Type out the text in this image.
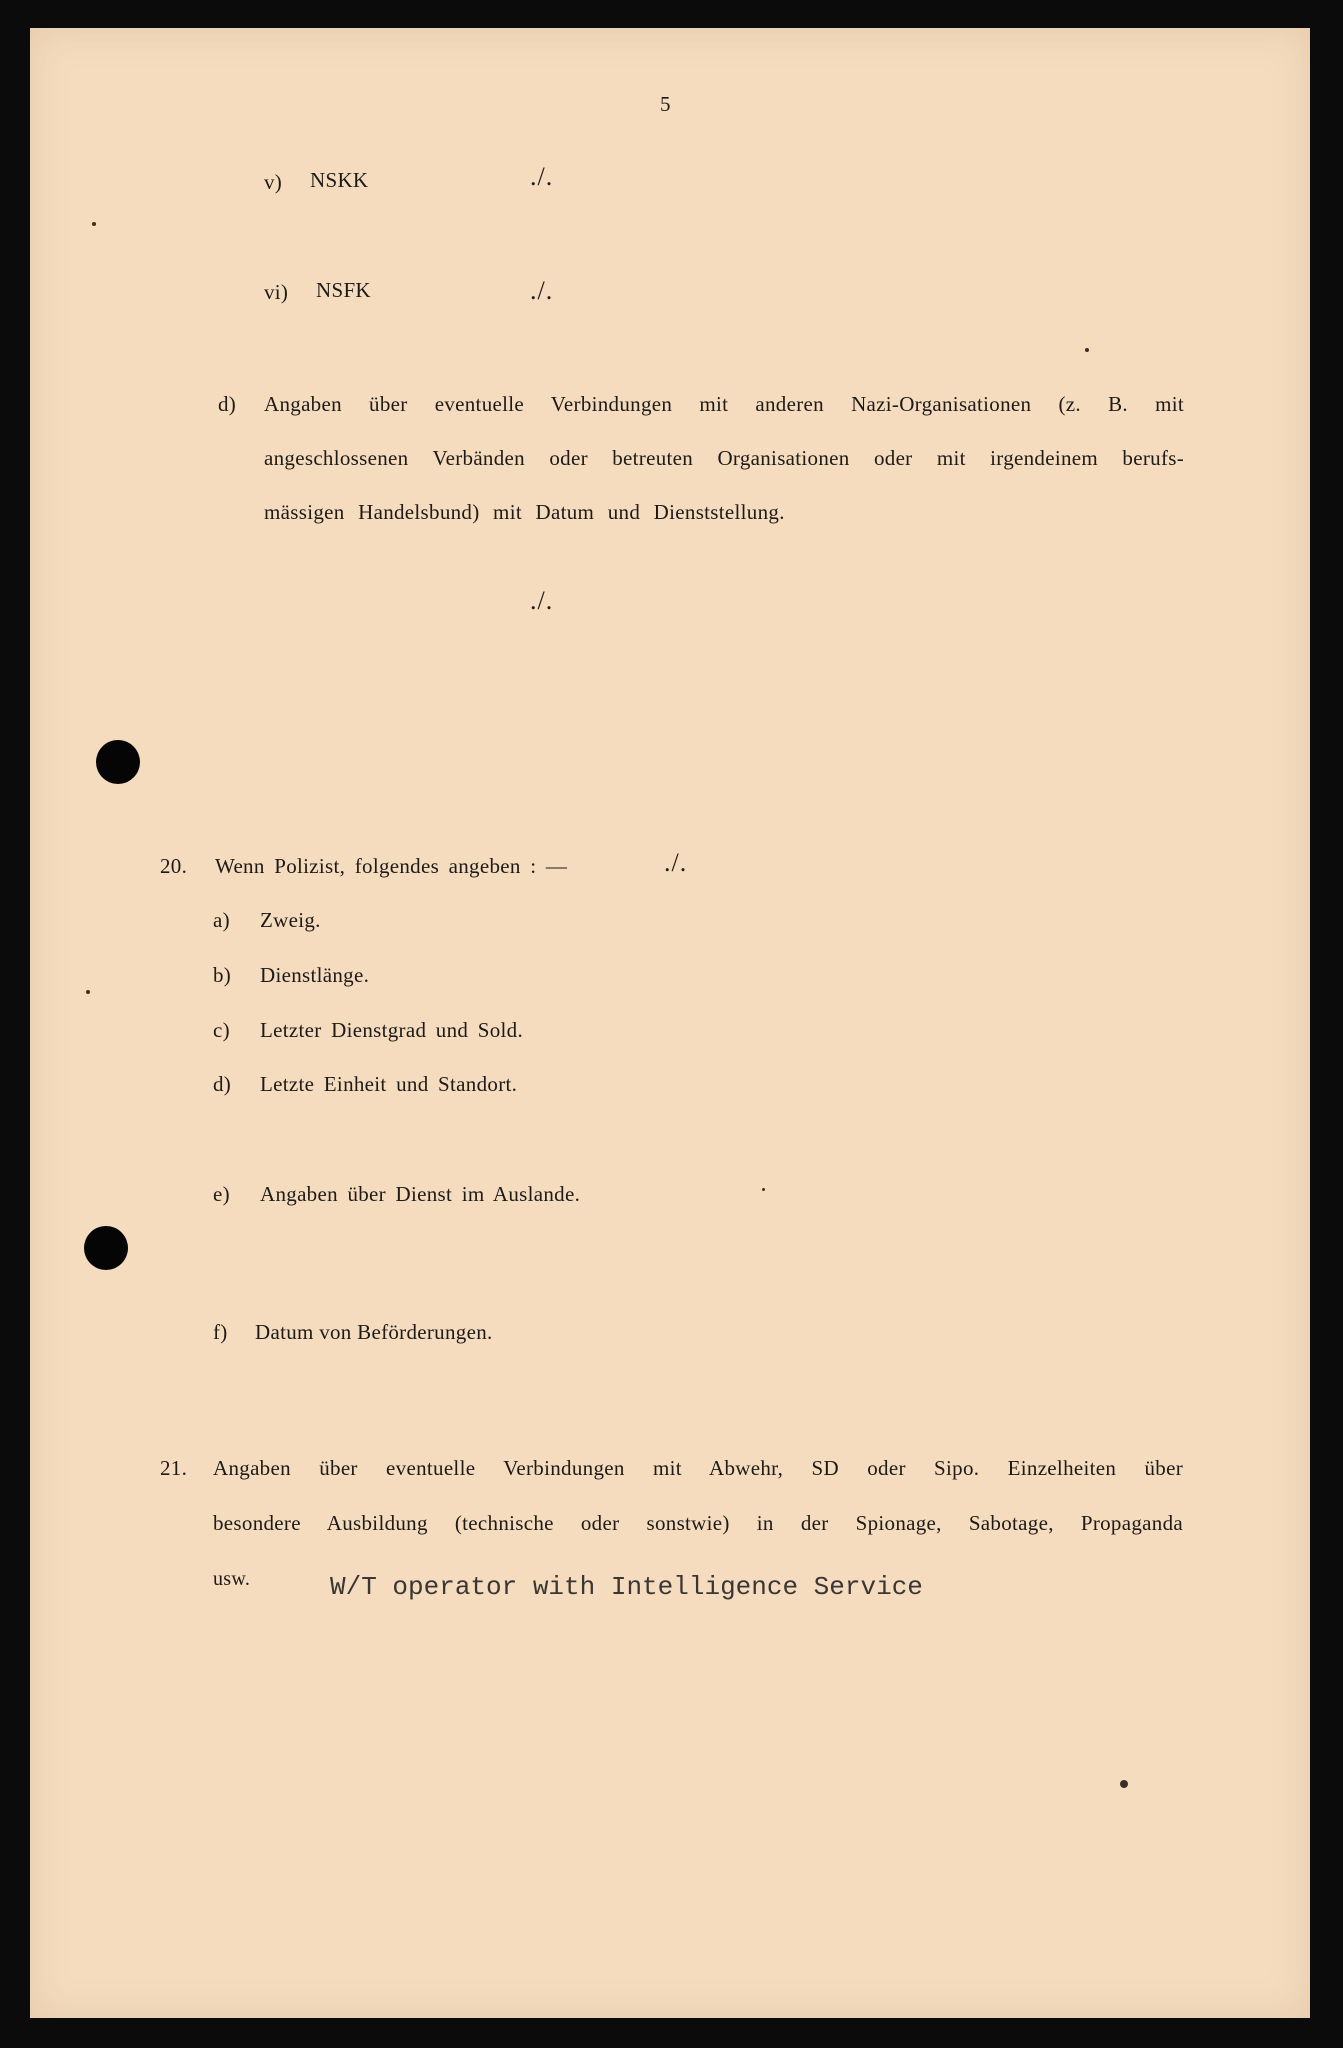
5
v) NSKK	./.
vi) NSFK	./.
d) Angaben über eventuelle Verbindungen mit anderen Nazi-Organisationen (z. B. mit
angeschlossenen Verbänden oder betreuten Organisationen oder mit irgendeinem berufs-
mässigen Handelsbund) mit Datum und Dienststellung.
./.
20. Wenn Polizist, folgendes angeben : —	./.
a) Zweig.
b) Dienstlänge.
c) Letzter Dienstgrad und Sold.
d) Letzte Einheit und Standort.
e) Angaben über Dienst im Auslande.
f) Datum von Beförderungen.
21. Angaben über eventuelle Verbindungen mit Abwehr, SD oder Sipo. Einzelheiten über
besondere Ausbildung (technische oder sonstwie) in der Spionage, Sabotage, Propaganda
usw.	W/T operator with Intelligence Service
